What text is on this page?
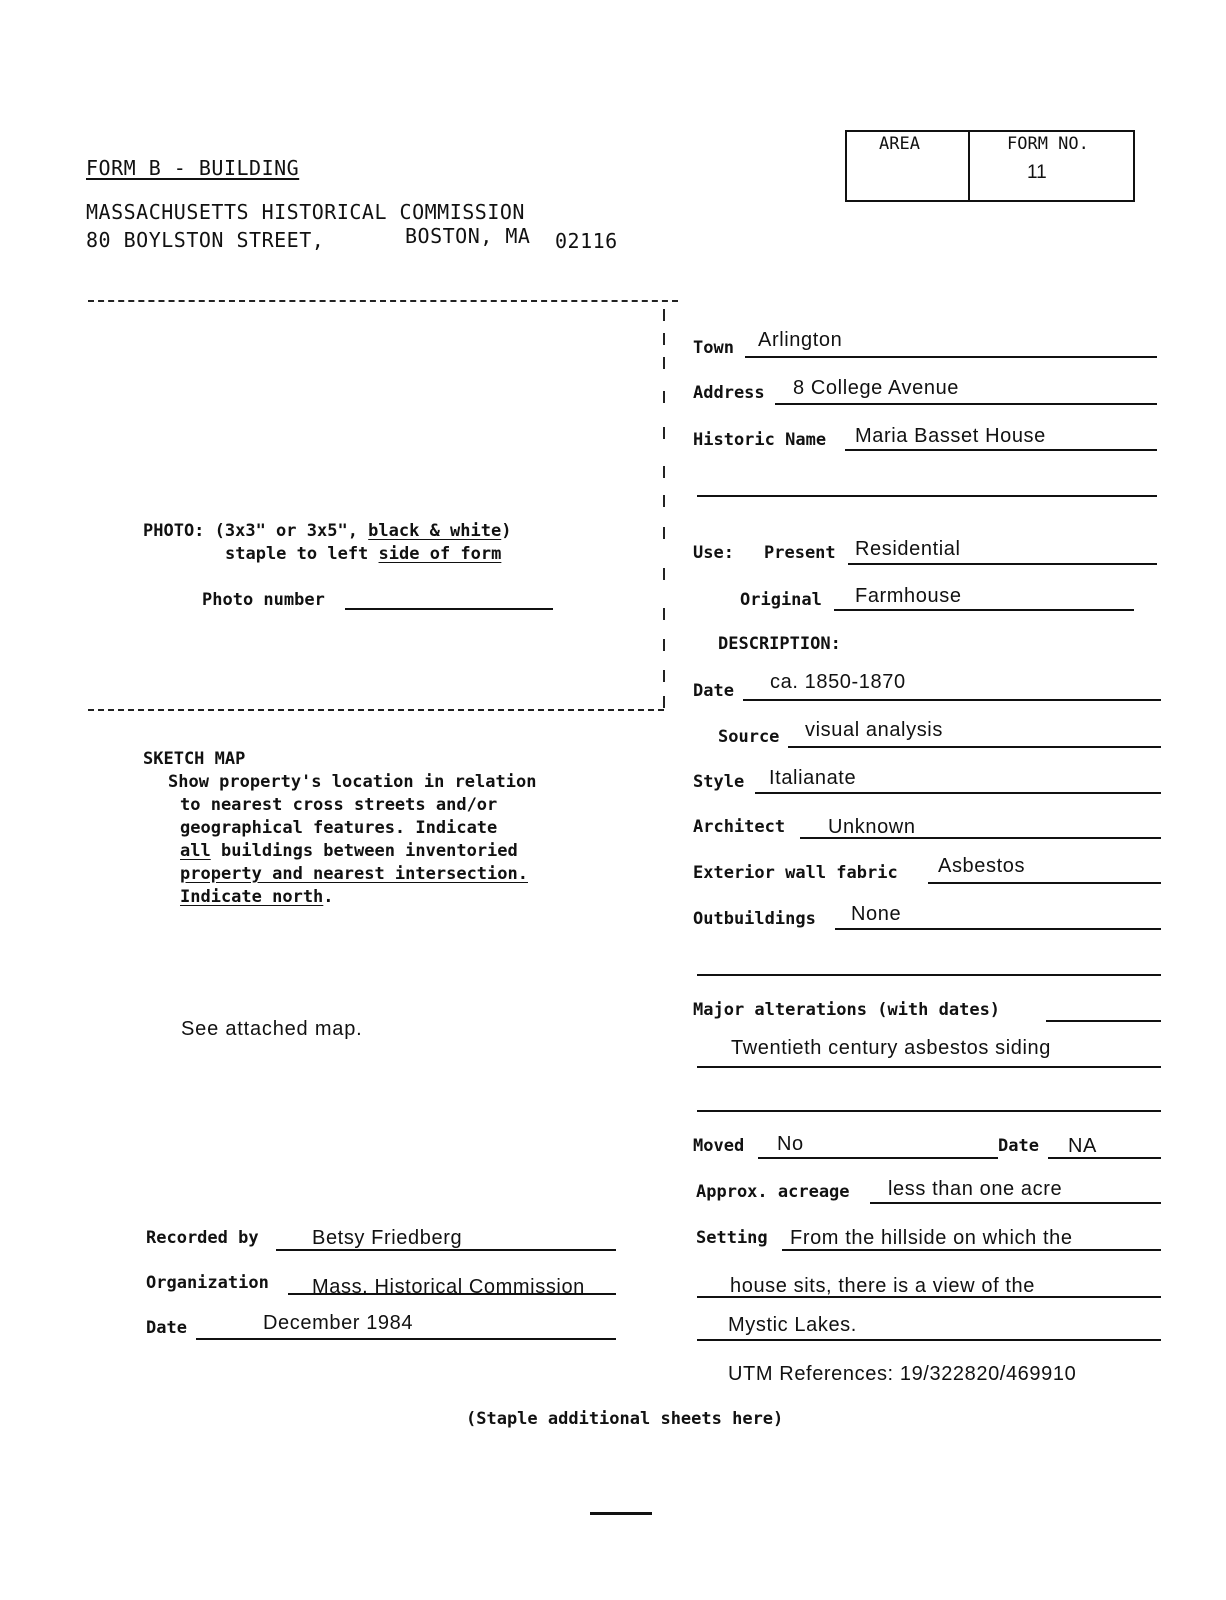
FORM B - BUILDING
MASSACHUSETTS HISTORICAL COMMISSION
80 BOYLSTON STREET,	BOSTON, MA 02116
AREA	FORM NO.
11
PHOTO: (3x3" or 3x5", black & white)
staple to left side of form
Photo number
SKETCH MAP
Show property's location in relation
to nearest cross streets and/or
geographical features. Indicate
all buildings between inventoried
property and nearest intersection.
Indicate north.
See attached map.
Town Arlington
Address 8 College Avenue
Historic Name Maria Basset House
Use: Present Residential
Original Farmhouse
DESCRIPTION:
Date ca. 1850-1870
Source visual analysis
Style Italianate
Architect Unknown
Exterior wall fabric Asbestos
Outbuildings None
Major alterations (with dates)
Twentieth century asbestos siding
Moved No	Date NA
Approx. acreage less than one acre
Setting From the hillside on which the
house sits, there is a view of the
Mystic Lakes.
UTM References: 19/322820/469910
Recorded by	Betsy Friedberg
Organization Mass. Historical Commission
Date	December 1984
(Staple additional sheets here)
